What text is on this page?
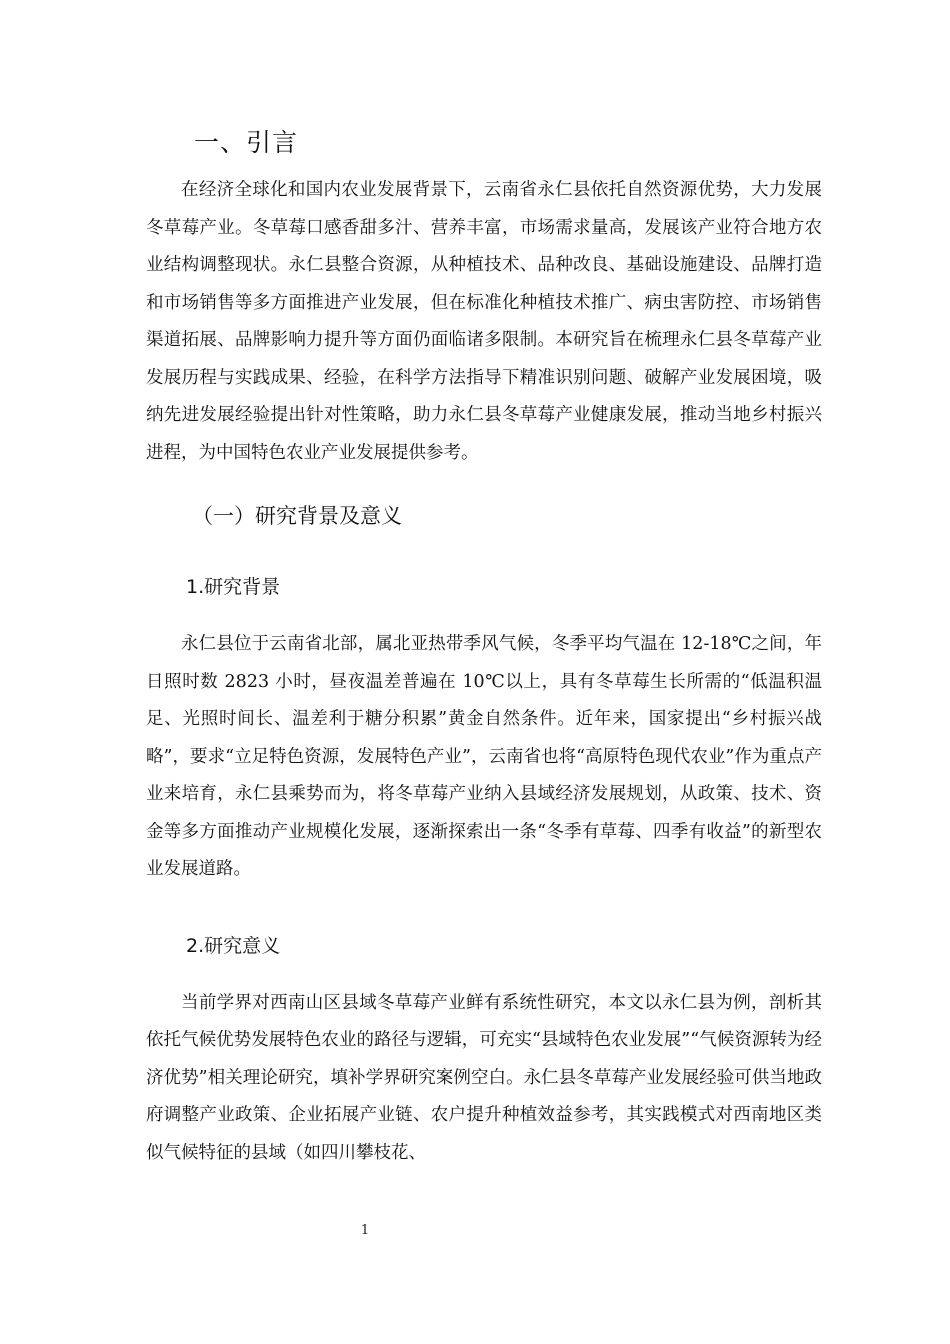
一、引言

在经济全球化和国内农业发展背景下，云南省永仁县依托自然资源优势，大力发展冬草莓产业。冬草莓口感香甜多汁、营养丰富，市场需求量高，发展该产业符合地方农业结构调整现状。永仁县整合资源，从种植技术、品种改良、基础设施建设、品牌打造和市场销售等多方面推进产业发展，但在标准化种植技术推广、病虫害防控、市场销售渠道拓展、品牌影响力提升等方面仍面临诸多限制。本研究旨在梳理永仁县冬草莓产业发展历程与实践成果、经验，在科学方法指导下精准识别问题、破解产业发展困境，吸纳先进发展经验提出针对性策略，助力永仁县冬草莓产业健康发展，推动当地乡村振兴进程，为中国特色农业产业发展提供参考。

（一）研究背景及意义
1.研究背景

永仁县位于云南省北部，属北亚热带季风气候，冬季平均气温在 12-18℃之间，年日照时数 2823 小时，昼夜温差普遍在 10℃以上，具有冬草莓生长所需的“低温积温足、光照时间长、温差利于糖分积累”黄金自然条件。近年来，国家提出“乡村振兴战略”，要求“立足特色资源，发展特色产业”，云南省也将“高原特色现代农业”作为重点产业来培育，永仁县乘势而为，将冬草莓产业纳入县域经济发展规划，从政策、技术、资金等多方面推动产业规模化发展，逐渐探索出一条“冬季有草莓、四季有收益”的新型农业发展道路。

2.研究意义

当前学界对西南山区县域冬草莓产业鲜有系统性研究，本文以永仁县为例，剖析其依托气候优势发展特色农业的路径与逻辑，可充实“县域特色农业发展”“气候资源转为经济优势”相关理论研究，填补学界研究案例空白。永仁县冬草莓产业发展经验可供当地政府调整产业政策、企业拓展产业链、农户提升种植效益参考，其实践模式对西南地区类似气候特征的县域（如四川攀枝花、

1
